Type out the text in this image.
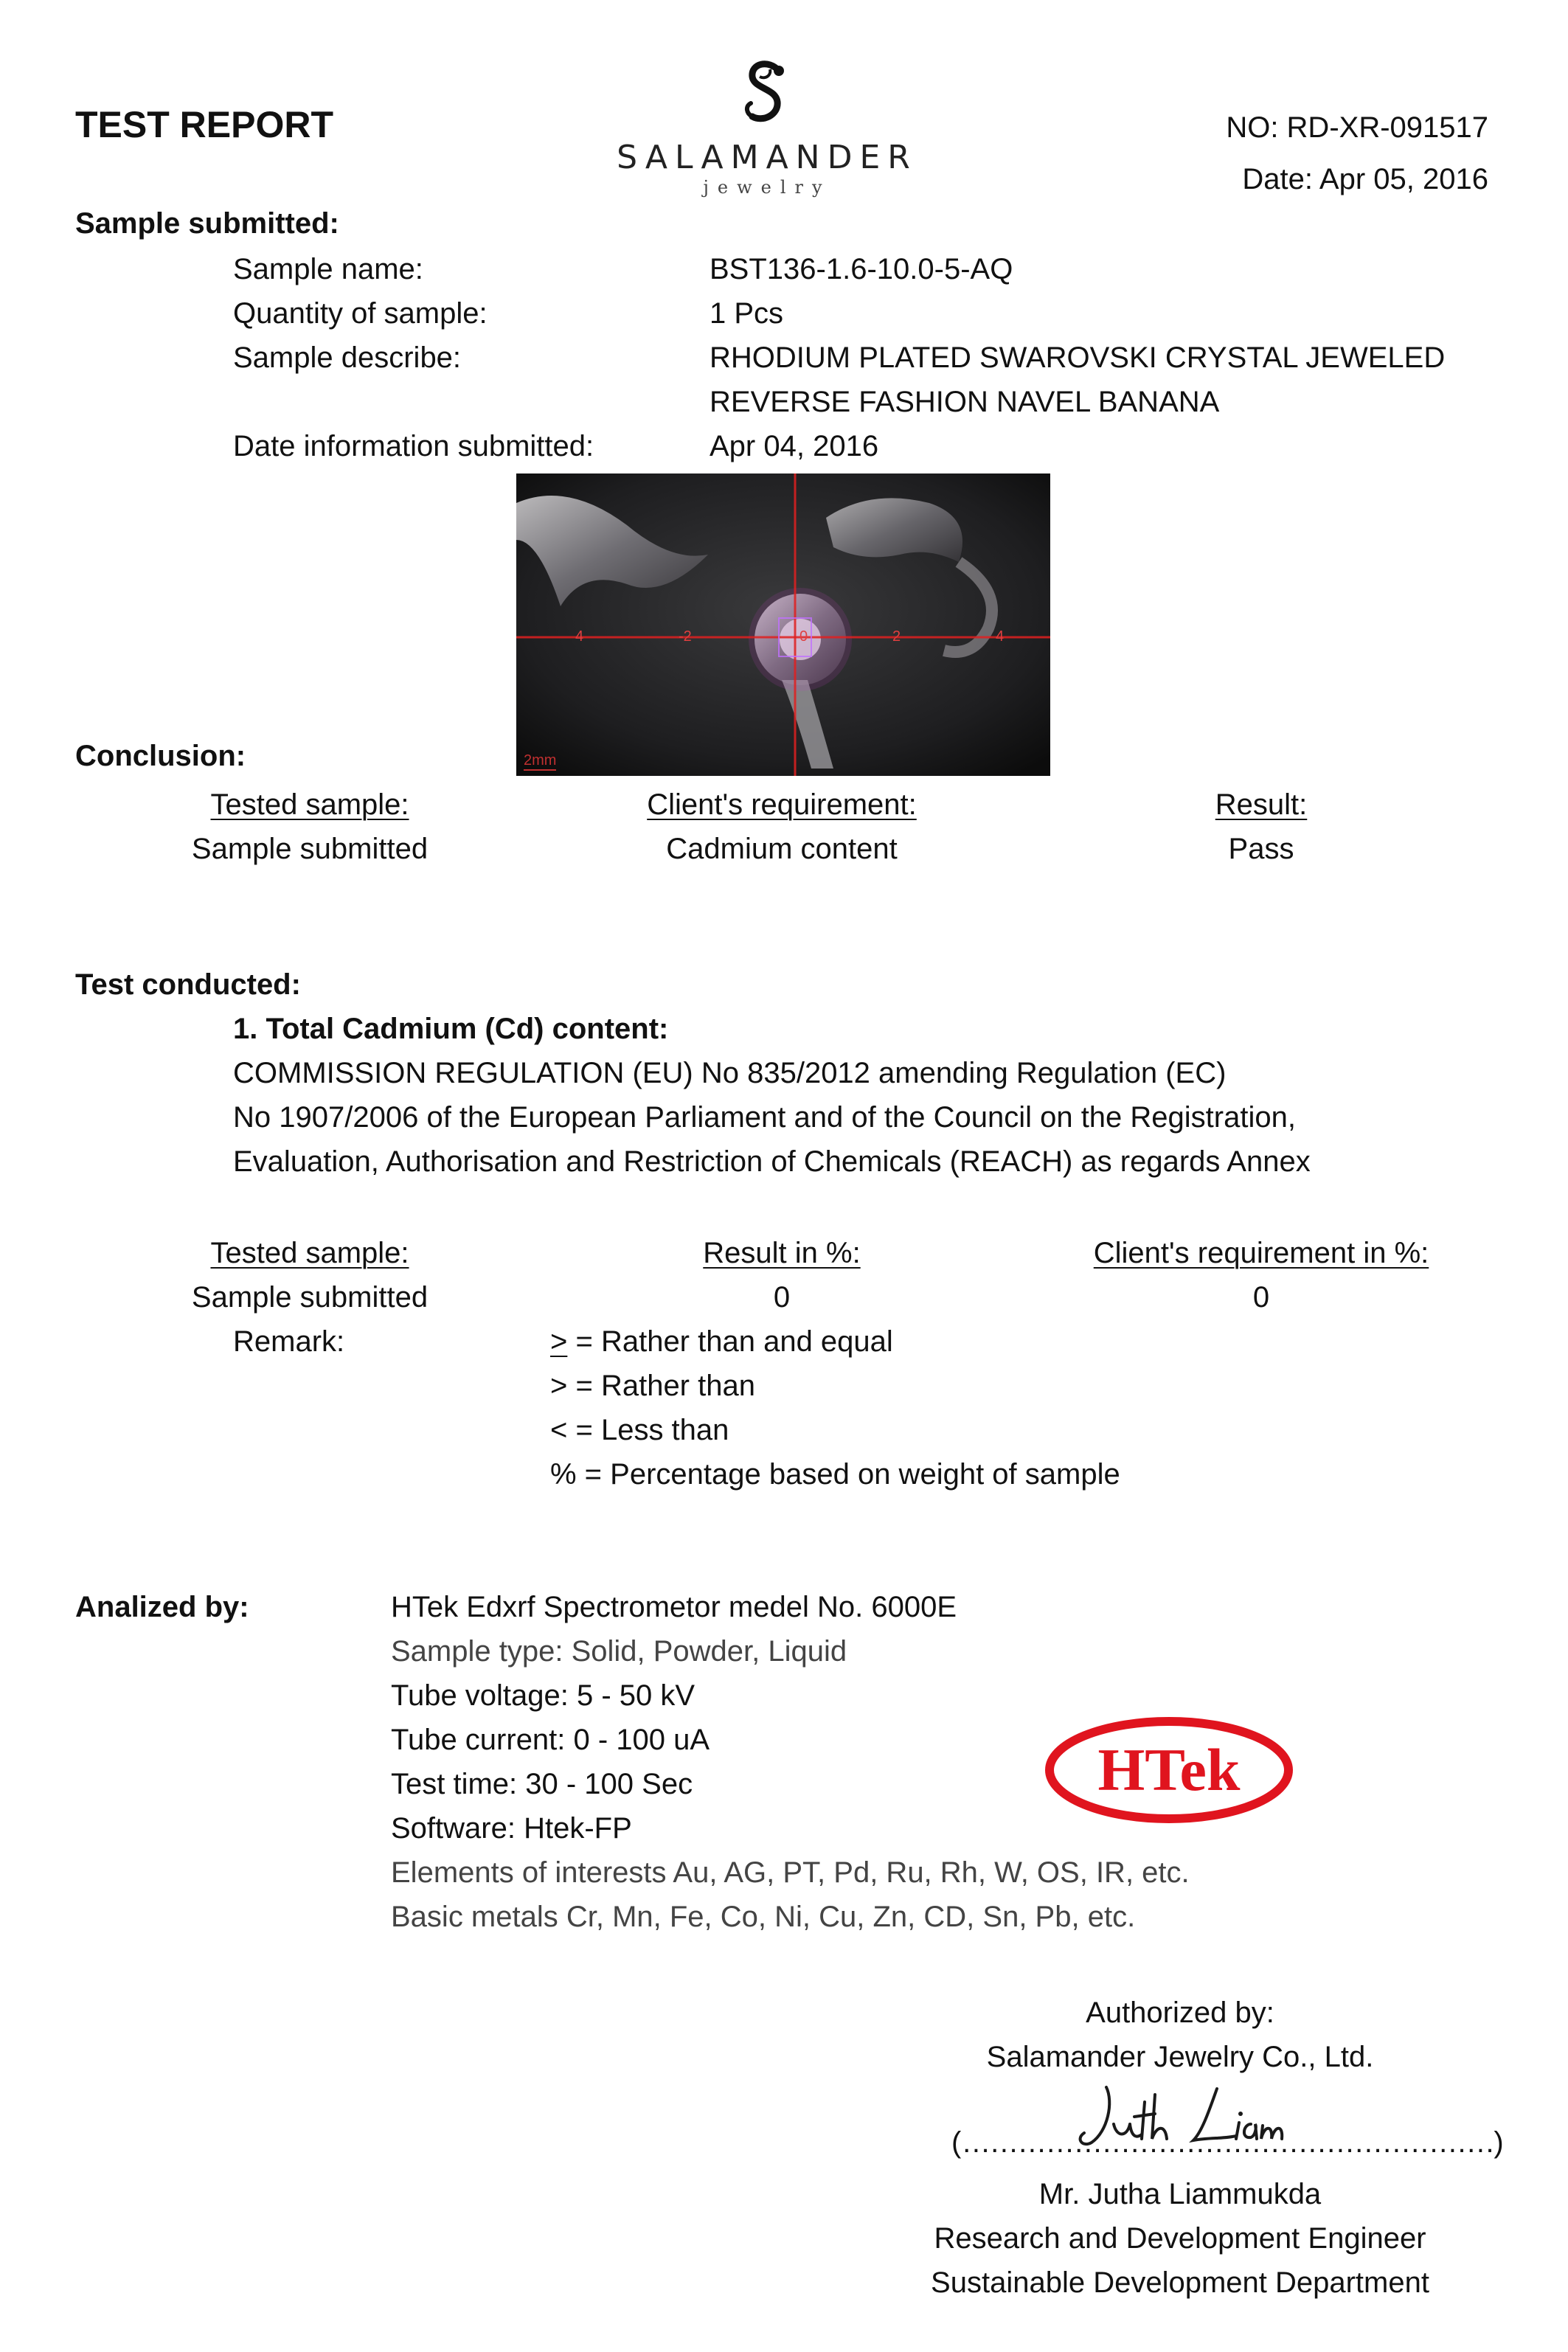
TEST REPORT
SALAMANDER
jewelry
NO: RD-XR-091517
Date: Apr 05, 2016
Sample submitted:
Sample name:	BST136-1.6-10.0-5-AQ
Quantity of sample:	1 Pcs
Sample describe:	RHODIUM PLATED SWAROVSKI CRYSTAL JEWELED
REVERSE FASHION NAVEL BANANA
Date information submitted:	Apr 04, 2016
4	-2	0	2	4
2mm
Conclusion:
Tested sample:	Client's requirement:	Result:
Sample submitted	Cadmium content	Pass
Test conducted:
1. Total Cadmium (Cd) content:
COMMISSION REGULATION (EU) No 835/2012 amending Regulation (EC)
No 1907/2006 of the European Parliament and of the Council on the Registration,
Evaluation, Authorisation and Restriction of Chemicals (REACH) as regards Annex
Tested sample:	Result in %:	Client's requirement in %:
Sample submitted	0	0
Remark:	> = Rather than and equal
> = Rather than
< = Less than
% = Percentage based on weight of sample
Analized by:	HTek Edxrf Spectrometor medel No. 6000E
Sample type: Solid, Powder, Liquid
Tube voltage: 5 - 50 kV
Tube current: 0 - 100 uA
Test time: 30 - 100 Sec
Software: Htek-FP
Elements of interests Au, AG, PT, Pd, Ru, Rh, W, OS, IR, etc.
Basic metals Cr, Mn, Fe, Co, Ni, Cu, Zn, CD, Sn, Pb, etc.
HTek
Authorized by:
Salamander Jewelry Co., Ltd.
(…………………………………………………)
Mr. Jutha Liammukda
Research and Development Engineer
Sustainable Development Department
